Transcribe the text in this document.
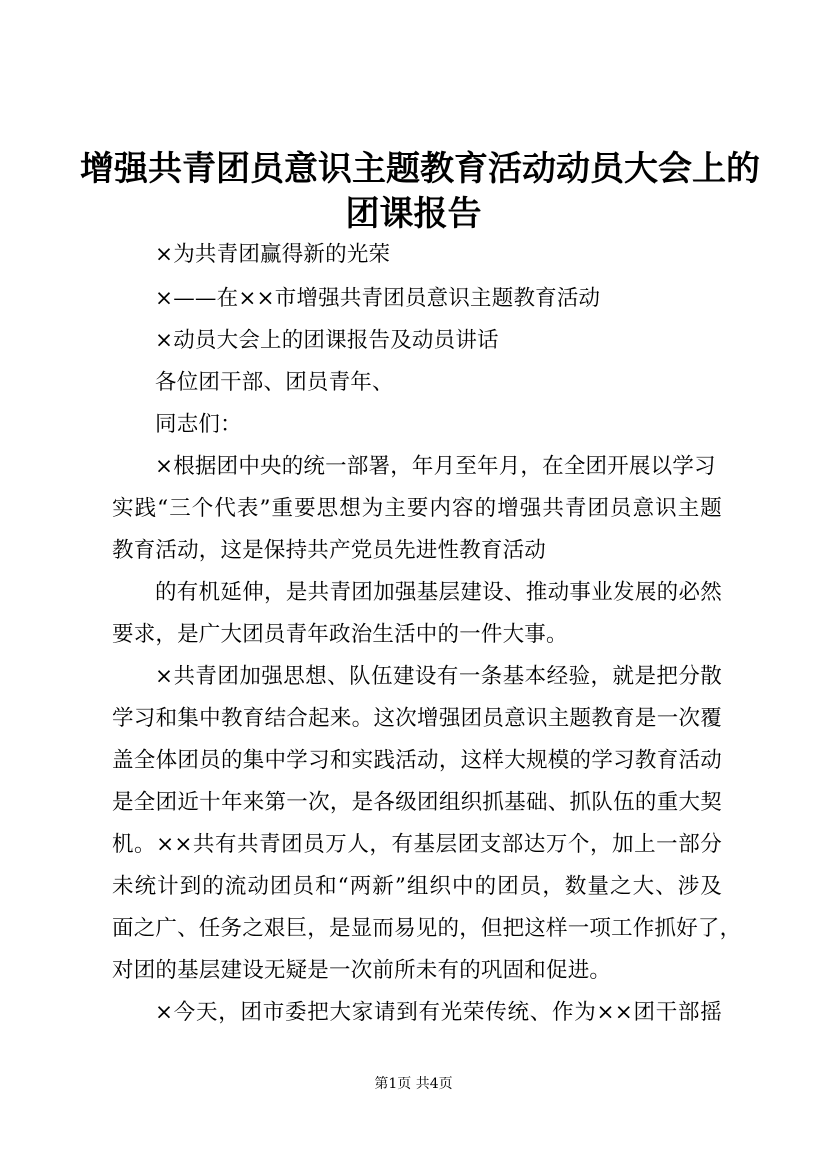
增强共青团员意识主题教育活动动员大会上的
团课报告
×为共青团赢得新的光荣
×——在××市增强共青团员意识主题教育活动
×动员大会上的团课报告及动员讲话
各位团干部、团员青年、
同志们：
×根据团中央的统一部署，年月至年月，在全团开展以学习
实践“三个代表”重要思想为主要内容的增强共青团员意识主题
教育活动，这是保持共产党员先进性教育活动
的有机延伸，是共青团加强基层建设、推动事业发展的必然
要求，是广大团员青年政治生活中的一件大事。
×共青团加强思想、队伍建设有一条基本经验，就是把分散
学习和集中教育结合起来。这次增强团员意识主题教育是一次覆
盖全体团员的集中学习和实践活动，这样大规模的学习教育活动
是全团近十年来第一次，是各级团组织抓基础、抓队伍的重大契
机。××共有共青团员万人，有基层团支部达万个，加上一部分
未统计到的流动团员和“两新”组织中的团员，数量之大、涉及
面之广、任务之艰巨，是显而易见的，但把这样一项工作抓好了，
对团的基层建设无疑是一次前所未有的巩固和促进。
×今天，团市委把大家请到有光荣传统、作为××团干部摇
第1页 共4页
